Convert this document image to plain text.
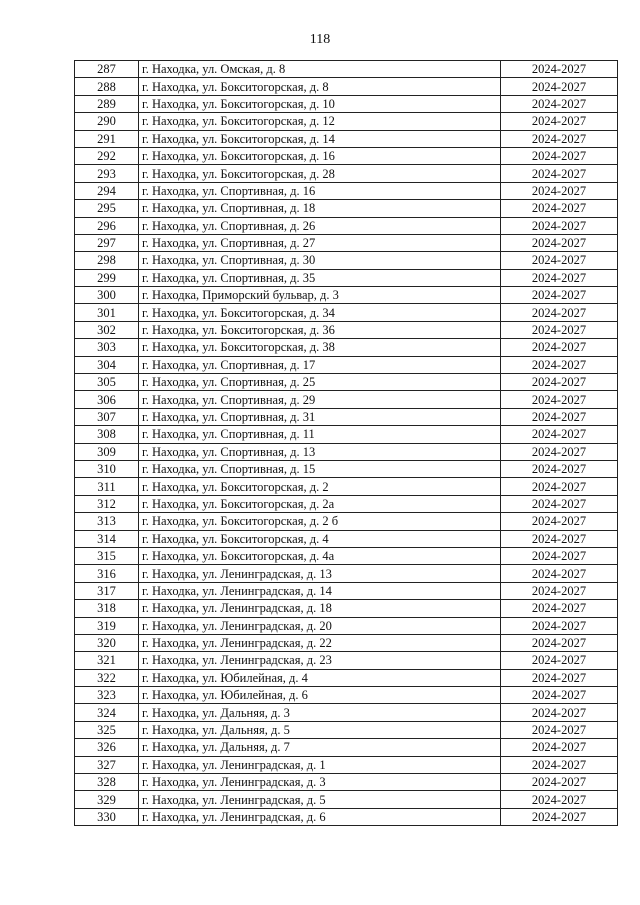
118
287	г. Находка, ул. Омская, д. 8	2024-2027
288	г. Находка, ул. Бокситогорская, д. 8	2024-2027
289	г. Находка, ул. Бокситогорская, д. 10	2024-2027
290	г. Находка, ул. Бокситогорская, д. 12	2024-2027
291	г. Находка, ул. Бокситогорская, д. 14	2024-2027
292	г. Находка, ул. Бокситогорская, д. 16	2024-2027
293	г. Находка, ул. Бокситогорская, д. 28	2024-2027
294	г. Находка, ул. Спортивная, д. 16	2024-2027
295	г. Находка, ул. Спортивная, д. 18	2024-2027
296	г. Находка, ул. Спортивная, д. 26	2024-2027
297	г. Находка, ул. Спортивная, д. 27	2024-2027
298	г. Находка, ул. Спортивная, д. 30	2024-2027
299	г. Находка, ул. Спортивная, д. 35	2024-2027
300	г. Находка, Приморский бульвар, д. 3	2024-2027
301	г. Находка, ул. Бокситогорская, д. 34	2024-2027
302	г. Находка, ул. Бокситогорская, д. 36	2024-2027
303	г. Находка, ул. Бокситогорская, д. 38	2024-2027
304	г. Находка, ул. Спортивная, д. 17	2024-2027
305	г. Находка, ул. Спортивная, д. 25	2024-2027
306	г. Находка, ул. Спортивная, д. 29	2024-2027
307	г. Находка, ул. Спортивная, д. 31	2024-2027
308	г. Находка, ул. Спортивная, д. 11	2024-2027
309	г. Находка, ул. Спортивная, д. 13	2024-2027
310	г. Находка, ул. Спортивная, д. 15	2024-2027
311	г. Находка, ул. Бокситогорская, д. 2	2024-2027
312	г. Находка, ул. Бокситогорская, д. 2а	2024-2027
313	г. Находка, ул. Бокситогорская, д. 2 б	2024-2027
314	г. Находка, ул. Бокситогорская, д. 4	2024-2027
315	г. Находка, ул. Бокситогорская, д. 4а	2024-2027
316	г. Находка, ул. Ленинградская, д. 13	2024-2027
317	г. Находка, ул. Ленинградская, д. 14	2024-2027
318	г. Находка, ул. Ленинградская, д. 18	2024-2027
319	г. Находка, ул. Ленинградская, д. 20	2024-2027
320	г. Находка, ул. Ленинградская, д. 22	2024-2027
321	г. Находка, ул. Ленинградская, д. 23	2024-2027
322	г. Находка, ул. Юбилейная, д. 4	2024-2027
323	г. Находка, ул. Юбилейная, д. 6	2024-2027
324	г. Находка, ул. Дальняя, д. 3	2024-2027
325	г. Находка, ул. Дальняя, д. 5	2024-2027
326	г. Находка, ул. Дальняя, д. 7	2024-2027
327	г. Находка, ул. Ленинградская, д. 1	2024-2027
328	г. Находка, ул. Ленинградская, д. 3	2024-2027
329	г. Находка, ул. Ленинградская, д. 5	2024-2027
330	г. Находка, ул. Ленинградская, д. 6	2024-2027
